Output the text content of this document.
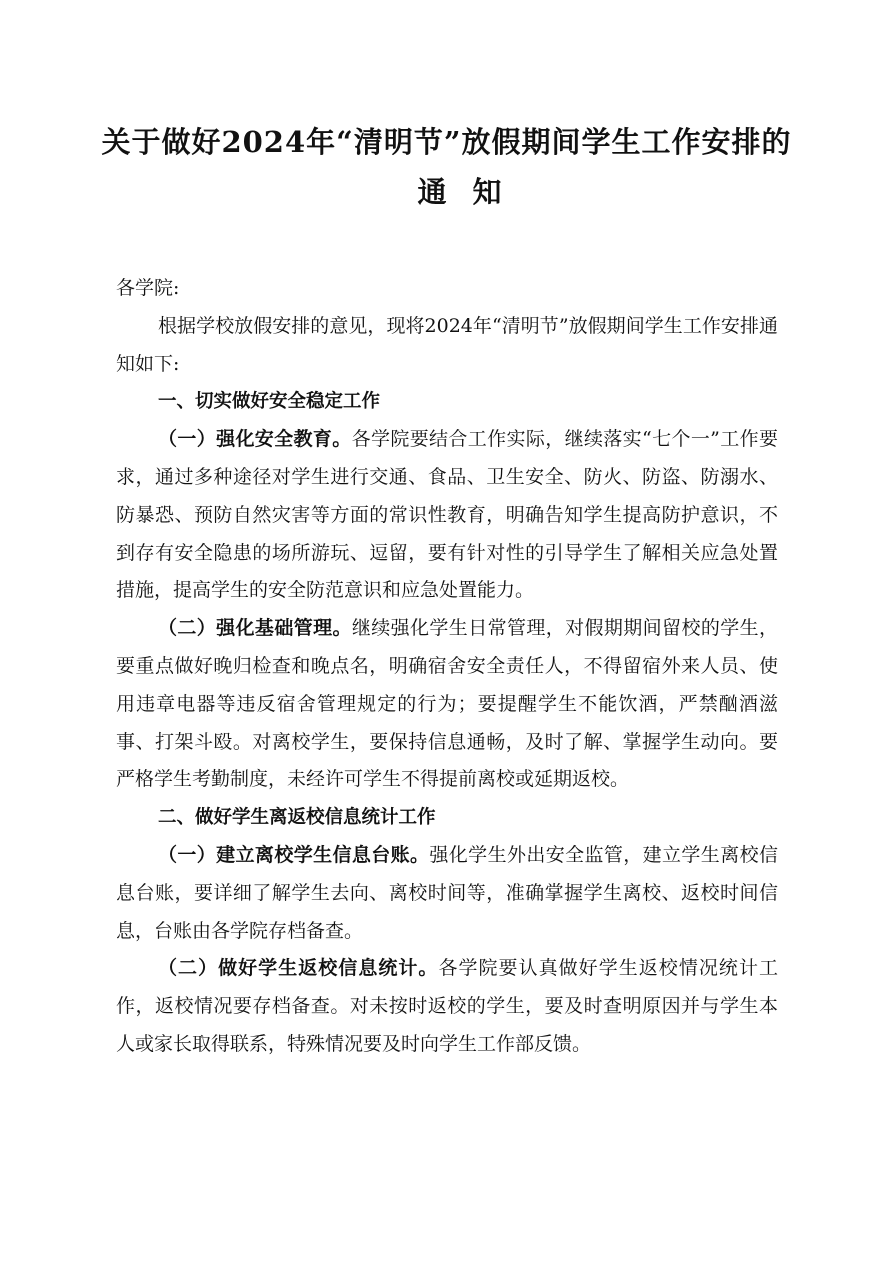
关于做好2024年“清明节”放假期间学生工作安排的
通知

各学院:

根据学校放假安排的意见，现将2024年“清明节”放假期间学生工作安排通知如下:

一、切实做好安全稳定工作

（一）强化安全教育。各学院要结合工作实际，继续落实“七个一”工作要求，通过多种途径对学生进行交通、食品、卫生安全、防火、防盗、防溺水、防暴恐、预防自然灾害等方面的常识性教育，明确告知学生提高防护意识，不到存有安全隐患的场所游玩、逗留，要有针对性的引导学生了解相关应急处置措施，提高学生的安全防范意识和应急处置能力。

（二）强化基础管理。继续强化学生日常管理，对假期期间留校的学生，要重点做好晚归检查和晚点名，明确宿舍安全责任人，不得留宿外来人员、使用违章电器等违反宿舍管理规定的行为；要提醒学生不能饮酒，严禁酗酒滋事、打架斗殴。对离校学生，要保持信息通畅，及时了解、掌握学生动向。要严格学生考勤制度，未经许可学生不得提前离校或延期返校。

二、做好学生离返校信息统计工作

（一）建立离校学生信息台账。强化学生外出安全监管，建立学生离校信息台账，要详细了解学生去向、离校时间等，准确掌握学生离校、返校时间信息，台账由各学院存档备查。

（二）做好学生返校信息统计。各学院要认真做好学生返校情况统计工作，返校情况要存档备查。对未按时返校的学生，要及时查明原因并与学生本人或家长取得联系，特殊情况要及时向学生工作部反馈。
